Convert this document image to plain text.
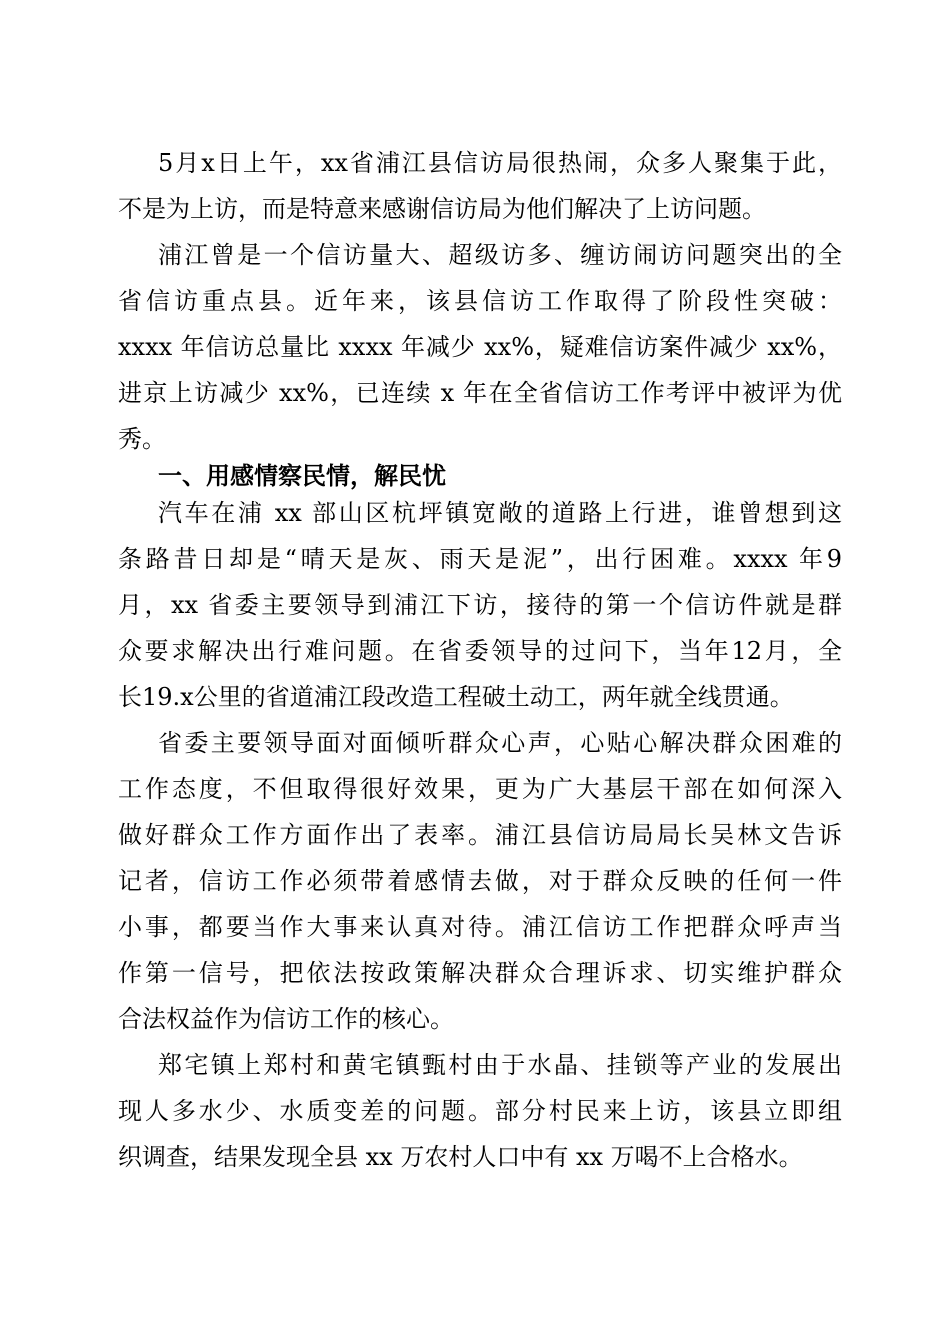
5月x日上午，xx省浦江县信访局很热闹，众多人聚集于此，
不是为上访，而是特意来感谢信访局为他们解决了上访问题。
浦江曾是一个信访量大、超级访多、缠访闹访问题突出的全
省信访重点县。近年来，该县信访工作取得了阶段性突破：
xxxx 年信访总量比 xxxx 年减少 xx%，疑难信访案件减少 xx%，
进京上访减少 xx%，已连续 x 年在全省信访工作考评中被评为优
秀。
一、用感情察民情，解民忧
汽车在浦 xx 部山区杭坪镇宽敞的道路上行进，谁曾想到这
条路昔日却是“晴天是灰、雨天是泥”，出行困难。xxxx 年9
月，xx 省委主要领导到浦江下访，接待的第一个信访件就是群
众要求解决出行难问题。在省委领导的过问下，当年12月，全
长19.x公里的省道浦江段改造工程破土动工，两年就全线贯通。
省委主要领导面对面倾听群众心声，心贴心解决群众困难的
工作态度，不但取得很好效果，更为广大基层干部在如何深入
做好群众工作方面作出了表率。浦江县信访局局长吴林文告诉
记者，信访工作必须带着感情去做，对于群众反映的任何一件
小事，都要当作大事来认真对待。浦江信访工作把群众呼声当
作第一信号，把依法按政策解决群众合理诉求、切实维护群众
合法权益作为信访工作的核心。
郑宅镇上郑村和黄宅镇甄村由于水晶、挂锁等产业的发展出
现人多水少、水质变差的问题。部分村民来上访，该县立即组
织调查，结果发现全县 xx 万农村人口中有 xx 万喝不上合格水。
